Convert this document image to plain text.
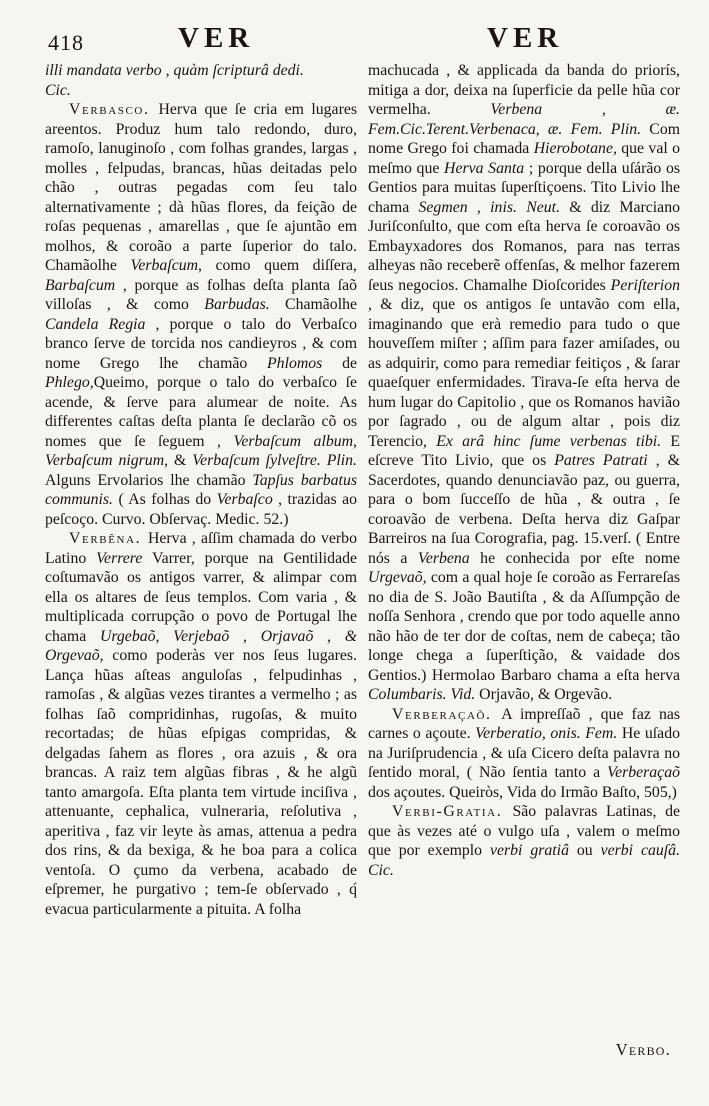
418	VER	VER

illi mandata verbo , quàm ſcripturâ dedi.
Cic.

Verbasco. Herva que ſe cria em lugares areentos. Produz hum talo redondo, duro, ramoſo, lanuginoſo , com folhas grandes, largas , molles , felpudas, brancas, hũas deitadas pelo chão , outras pegadas com ſeu talo alternativamente ; dà hũas flores, da feição de roſas pequenas , amarellas , que ſe ajuntão em molhos, & coroão a parte ſuperior do talo. Chamãolhe Verbaſcum, como quem diſſera, Barbaſcum , porque as folhas deſta planta ſaõ villoſas , & como Barbudas. Chamãolhe Candela Regia , porque o talo do Verbaſco branco ſerve de torcida nos candieyros , & com nome Grego lhe chamão Phlomos de Phlego,Queimo, porque o talo do verbaſco ſe acende, & ſerve para alumear de noite. As differentes caſtas deſta planta ſe declarão cõ os nomes que ſe ſeguem , Verbaſcum album, Verbaſcum nigrum, & Verbaſcum ſylveſtre. Plin. Alguns Ervolarios lhe chamão Tapſus barbatus communis. ( As folhas do Verbaſco , trazidas ao peſcoço. Curvo. Obſervaç. Medic. 52.)

Verbêna. Herva , aſſim chamada do verbo Latino Verrere Varrer, porque na Gentilidade coſtumavão os antigos varrer, & alimpar com ella os altares de ſeus templos. Com varia , & multiplicada corrupção o povo de Portugal lhe chama Urgebaõ, Verjebaõ , Orjavaõ , & Orgevaõ, como poderàs ver nos ſeus lugares. Lança hũas aſteas anguloſas , felpudinhas , ramoſas , & algũas vezes tirantes a vermelho ; as folhas ſaõ compridinhas, rugoſas, & muito recortadas; de hũas eſpigas compridas, & delgadas ſahem as flores , ora azuis , & ora brancas. A raiz tem algũas fibras , & he algũ tanto amargoſa. Eſta planta tem virtude inciſiva , attenuante, cephalica, vulneraria, reſolutiva , aperitiva , faz vir leyte às amas, attenua a pedra dos rins, & da bexiga, & he boa para a colica ventoſa. O çumo da verbena, acabado de eſpremer, he purgativo ; tem-ſe obſervado , q́ evacua particularmente a pituita. A folha

machucada , & applicada da banda do priorís, mitiga a dor, deixa na ſuperficie da pelle hũa cor vermelha. Verbena , æ. Fem.Cic.Terent.Verbenaca, æ. Fem. Plin. Com nome Grego foi chamada Hierobotane, que val o meſmo que Herva Santa ; porque della uſárão os Gentios para muitas ſuperſtiçoens. Tito Livio lhe chama Segmen , inis. Neut. & diz Marciano Juriſconſulto, que com eſta herva ſe coroavão os Embayxadores dos Romanos, para nas terras alheyas não receberẽ offenſas, & melhor fazerem ſeus negocios. Chamalhe Dioſcorides Periſterion , & diz, que os antigos ſe untavão com ella, imaginando que erà remedio para tudo o que houveſſem miſter ; aſſim para fazer amiſades, ou as adquirir, como para remediar feitiços , & ſarar quaeſquer enfermidades. Tirava-ſe eſta herva de hum lugar do Capitolio , que os Romanos havião por ſagrado , ou de algum altar , pois diz Terencio, Ex arâ hinc ſume verbenas tibi. E eſcreve Tito Livio, que os Patres Patrati , & Sacerdotes, quando denunciavão paz, ou guerra, para o bom ſucceſſo de hũa , & outra , ſe coroavão de verbena. Deſta herva diz Gaſpar Barreiros na ſua Corografia, pag. 15.verſ. ( Entre nós a Verbena he conhecida por eſte nome Urgevaõ, com a qual hoje ſe coroão as Ferrareſas no dia de S. João Bautiſta , & da Aſſumpção de noſſa Senhora , crendo que por todo aquelle anno não hão de ter dor de coſtas, nem de cabeça; tão longe chega a ſuperſtição, & vaidade dos Gentios.) Hermolao Barbaro chama a eſta herva Columbaris. Vid. Orjavão, & Orgevão.

Verberaçaõ. A impreſſaõ , que faz nas carnes o açoute. Verberatio, onis. Fem. He uſado na Juriſprudencia , & uſa Cicero deſta palavra no ſentido moral, ( Não ſentia tanto a Verberaçaõ dos açoutes. Queiròs, Vida do Irmão Baſto, 505,)

Verbi-Gratia. São palavras Latinas, de que às vezes até o vulgo uſa , valem o meſmo que por exemplo verbi gratiâ ou verbi cauſâ. Cic.

Verbo.
